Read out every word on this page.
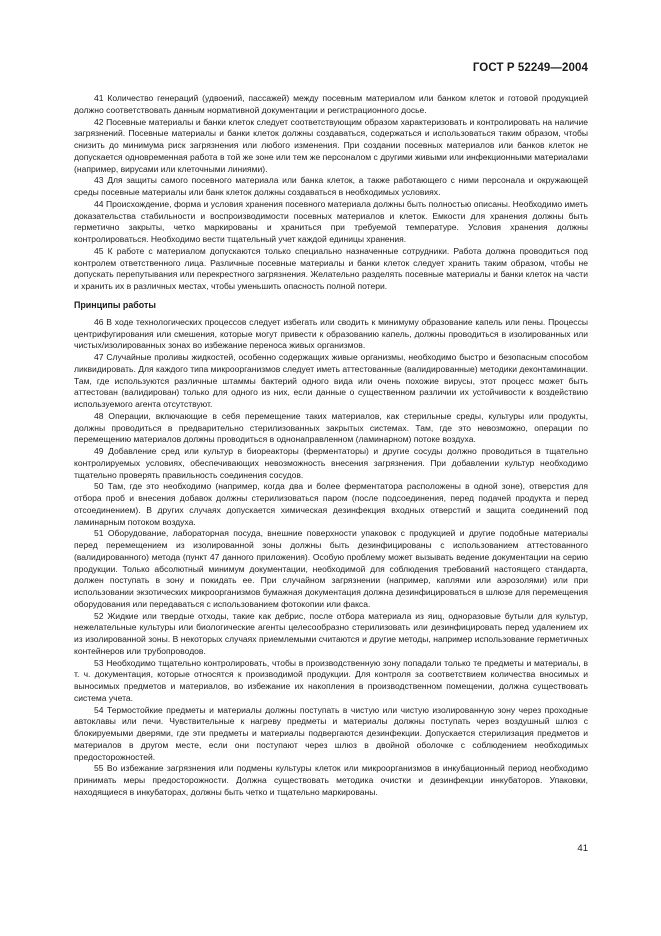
ГОСТ Р 52249—2004

41 Количество генераций (удвоений, пассажей) между посевным материалом или банком клеток и готовой продукцией должно соответствовать данным нормативной документации и регистрационного досье.

42 Посевные материалы и банки клеток следует соответствующим образом характеризовать и контролировать на наличие загрязнений. Посевные материалы и банки клеток должны создаваться, содержаться и использоваться таким образом, чтобы снизить до минимума риск загрязнения или любого изменения. При создании посевных материалов или банков клеток не допускается одновременная работа в той же зоне или тем же персоналом с другими живыми или инфекционными материалами (например, вирусами или клеточными линиями).

43 Для защиты самого посевного материала или банка клеток, а также работающего с ними персонала и окружающей среды посевные материалы или банк клеток должны создаваться в необходимых условиях.

44 Происхождение, форма и условия хранения посевного материала должны быть полностью описаны. Необходимо иметь доказательства стабильности и воспроизводимости посевных материалов и клеток. Емкости для хранения должны быть герметично закрыты, четко маркированы и храниться при требуемой температуре. Условия хранения должны контролироваться. Необходимо вести тщательный учет каждой единицы хранения.

45 К работе с материалом допускаются только специально назначенные сотрудники. Работа должна проводиться под контролем ответственного лица. Различные посевные материалы и банки клеток следует хранить таким образом, чтобы не допускать перепутывания или перекрестного загрязнения. Желательно разделять посевные материалы и банки клеток на части и хранить их в различных местах, чтобы уменьшить опасность полной потери.

Принципы работы

46 В ходе технологических процессов следует избегать или сводить к минимуму образование капель или пены. Процессы центрифугирования или смешения, которые могут привести к образованию капель, должны проводиться в изолированных или чистых/изолированных зонах во избежание переноса живых организмов.

47 Случайные проливы жидкостей, особенно содержащих живые организмы, необходимо быстро и безопасным способом ликвидировать. Для каждого типа микроорганизмов следует иметь аттестованные (валидированные) методики деконтаминации. Там, где используются различные штаммы бактерий одного вида или очень похожие вирусы, этот процесс может быть аттестован (валидирован) только для одного из них, если данные о существенном различии их устойчивости к воздействию используемого агента отсутствуют.

48 Операции, включающие в себя перемещение таких материалов, как стерильные среды, культуры или продукты, должны проводиться в предварительно стерилизованных закрытых системах. Там, где это невозможно, операции по перемещению материалов должны проводиться в однонаправленном (ламинарном) потоке воздуха.

49 Добавление сред или культур в биореакторы (ферментаторы) и другие сосуды должно проводиться в тщательно контролируемых условиях, обеспечивающих невозможность внесения загрязнения. При добавлении культур необходимо тщательно проверять правильность соединения сосудов.

50 Там, где это необходимо (например, когда два и более ферментатора расположены в одной зоне), отверстия для отбора проб и внесения добавок должны стерилизоваться паром (после подсоединения, перед подачей продукта и перед отсоединением). В других случаях допускается химическая дезинфекция входных отверстий и защита соединений под ламинарным потоком воздуха.

51 Оборудование, лабораторная посуда, внешние поверхности упаковок с продукцией и другие подобные материалы перед перемещением из изолированной зоны должны быть дезинфицированы с использованием аттестованного (валидированного) метода (пункт 47 данного приложения). Особую проблему может вызывать ведение документации на серию продукции. Только абсолютный минимум документации, необходимой для соблюдения требований настоящего стандарта, должен поступать в зону и покидать ее. При случайном загрязнении (например, каплями или аэрозолями) или при использовании экзотических микроорганизмов бумажная документация должна дезинфицироваться в шлюзе для перемещения оборудования или передаваться с использованием фотокопии или факса.

52 Жидкие или твердые отходы, такие как дебрис, после отбора материала из яиц, одноразовые бутыли для культур, нежелательные культуры или биологические агенты целесообразно стерилизовать или дезинфицировать перед удалением их из изолированной зоны. В некоторых случаях приемлемыми считаются и другие методы, например использование герметичных контейнеров или трубопроводов.

53 Необходимо тщательно контролировать, чтобы в производственную зону попадали только те предметы и материалы, в т. ч. документация, которые относятся к производимой продукции. Для контроля за соответствием количества вносимых и выносимых предметов и материалов, во избежание их накопления в производственном помещении, должна существовать система учета.

54 Термостойкие предметы и материалы должны поступать в чистую или чистую изолированную зону через проходные автоклавы или печи. Чувствительные к нагреву предметы и материалы должны поступать через воздушный шлюз с блокируемыми дверями, где эти предметы и материалы подвергаются дезинфекции. Допускается стерилизация предметов и материалов в другом месте, если они поступают через шлюз в двойной оболочке с соблюдением необходимых предосторожностей.

55 Во избежание загрязнения или подмены культуры клеток или микроорганизмов в инкубационный период необходимо принимать меры предосторожности. Должна существовать методика очистки и дезинфекции инкубаторов. Упаковки, находящиеся в инкубаторах, должны быть четко и тщательно маркированы.

41
